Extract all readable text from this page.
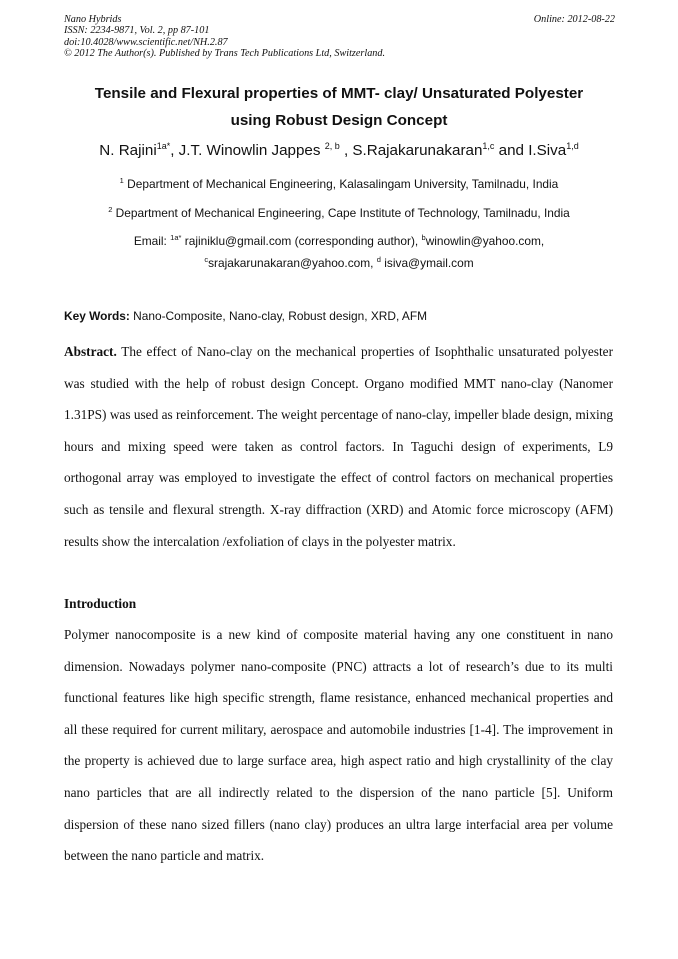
Nano Hybrids
ISSN: 2234-9871, Vol. 2, pp 87-101
doi:10.4028/www.scientific.net/NH.2.87
© 2012 The Author(s). Published by Trans Tech Publications Ltd, Switzerland.
Online: 2012-08-22
Tensile and Flexural properties of MMT- clay/ Unsaturated Polyester
using Robust Design Concept
N. Rajini$^{1a*}$, J.T. Winowlin Jappes $^{2, b}$ , S.Rajakarunakaran$^{1,c}$ and I.Siva$^{1,d}$
$^1$ Department of Mechanical Engineering, Kalasalingam University, Tamilnadu, India
$^2$ Department of Mechanical Engineering, Cape Institute of Technology, Tamilnadu, India
Email: $^{1a*}$ rajiniklu@gmail.com (corresponding author), $^b$winowlin@yahoo.com,
$^c$srajakarunakaran@yahoo.com, $^d$ isiva@ymail.com
Key Words: Nano-Composite, Nano-clay, Robust design, XRD, AFM
Abstract. The effect of Nano-clay on the mechanical properties of Isophthalic unsaturated polyester was studied with the help of robust design Concept. Organo modified MMT nano-clay (Nanomer 1.31PS) was used as reinforcement. The weight percentage of nano-clay, impeller blade design, mixing hours and mixing speed were taken as control factors. In Taguchi design of experiments, L9 orthogonal array was employed to investigate the effect of control factors on mechanical properties such as tensile and flexural strength. X-ray diffraction (XRD) and Atomic force microscopy (AFM) results show the intercalation /exfoliation of clays in the polyester matrix.
Introduction
Polymer nanocomposite is a new kind of composite material having any one constituent in nano dimension. Nowadays polymer nano-composite (PNC) attracts a lot of research’s due to its multi functional features like high specific strength, flame resistance, enhanced mechanical properties and all these required for current military, aerospace and automobile industries [1-4]. The improvement in the property is achieved due to large surface area, high aspect ratio and high crystallinity of the clay nano particles that are all indirectly related to the dispersion of the nano particle [5]. Uniform dispersion of these nano sized fillers (nano clay) produces an ultra large interfacial area per volume between the nano particle and matrix.
